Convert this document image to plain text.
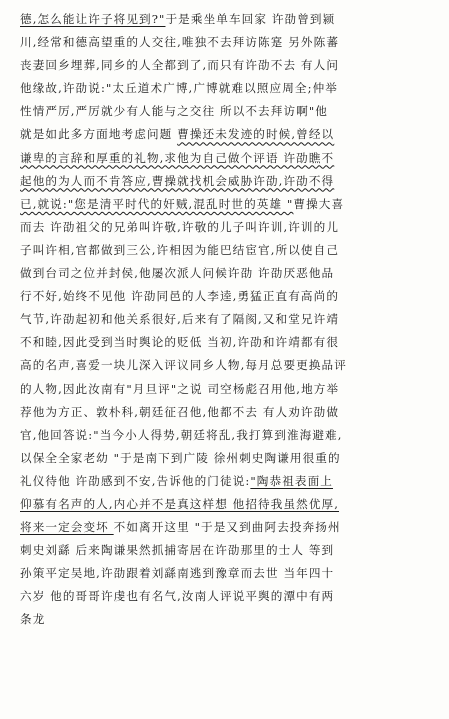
德,怎么能让许子将见到?"于是乘坐单车回家 许劭曾到颍
川,经常和德高望重的人交往,唯独不去拜访陈寔 另外陈蕃
丧妻回乡埋葬,同乡的人全都到了,而只有许劭不去 有人问
他缘故,许劭说:"太丘道术广博,广博就难以照应周全;仲举
性情严厉,严厉就少有人能与之交往 所以不去拜访啊"他
就是如此多方面地考虑问题 曹操还未发迹的时候,曾经以
谦卑的言辞和厚重的礼物,求他为自己做个评语 许劭瞧不
起他的为人而不肯答应,曹操就找机会威胁许劭,许劭不得
已,就说:"您是清平时代的奸贼,混乱时世的英雄 "曹操大喜
而去 许劭祖父的兄弟叫许敬,许敬的儿子叫许训,许训的儿
子叫许相,官都做到三公,许相因为能巴结宦官,所以使自己
做到台司之位并封侯,他屡次派人问候许劭 许劭厌恶他品
行不好,始终不见他 许劭同邑的人李逵,勇猛正直有高尚的
气节,许劭起初和他关系很好,后来有了隔阂,又和堂兄许靖
不和睦,因此受到当时舆论的贬低 当初,许劭和许靖都有很
高的名声,喜爱一块儿深入评议同乡人物,每月总要更换品评
的人物,因此汝南有"月旦评"之说 司空杨彪召用他,地方举
荐他为方正、敦朴科,朝廷征召他,他都不去 有人劝许劭做
官,他回答说:"当今小人得势,朝廷将乱,我打算到淮海避难,
以保全全家老幼 "于是南下到广陵 徐州刺史陶谦用很重的
礼仪待他 许劭感到不安,告诉他的门徒说:"陶恭祖表面上
仰慕有名声的人,内心并不是真这样想 他招待我虽然优厚,
将来一定会变坏 不如离开这里 "于是又到曲阿去投奔扬州
刺史刘繇 后来陶谦果然抓捕寄居在许劭那里的士人 等到
孙策平定吴地,许劭跟着刘繇南逃到豫章而去世 当年四十
六岁 他的哥哥许虔也有名气,汝南人评说平舆的潭中有两
条龙
